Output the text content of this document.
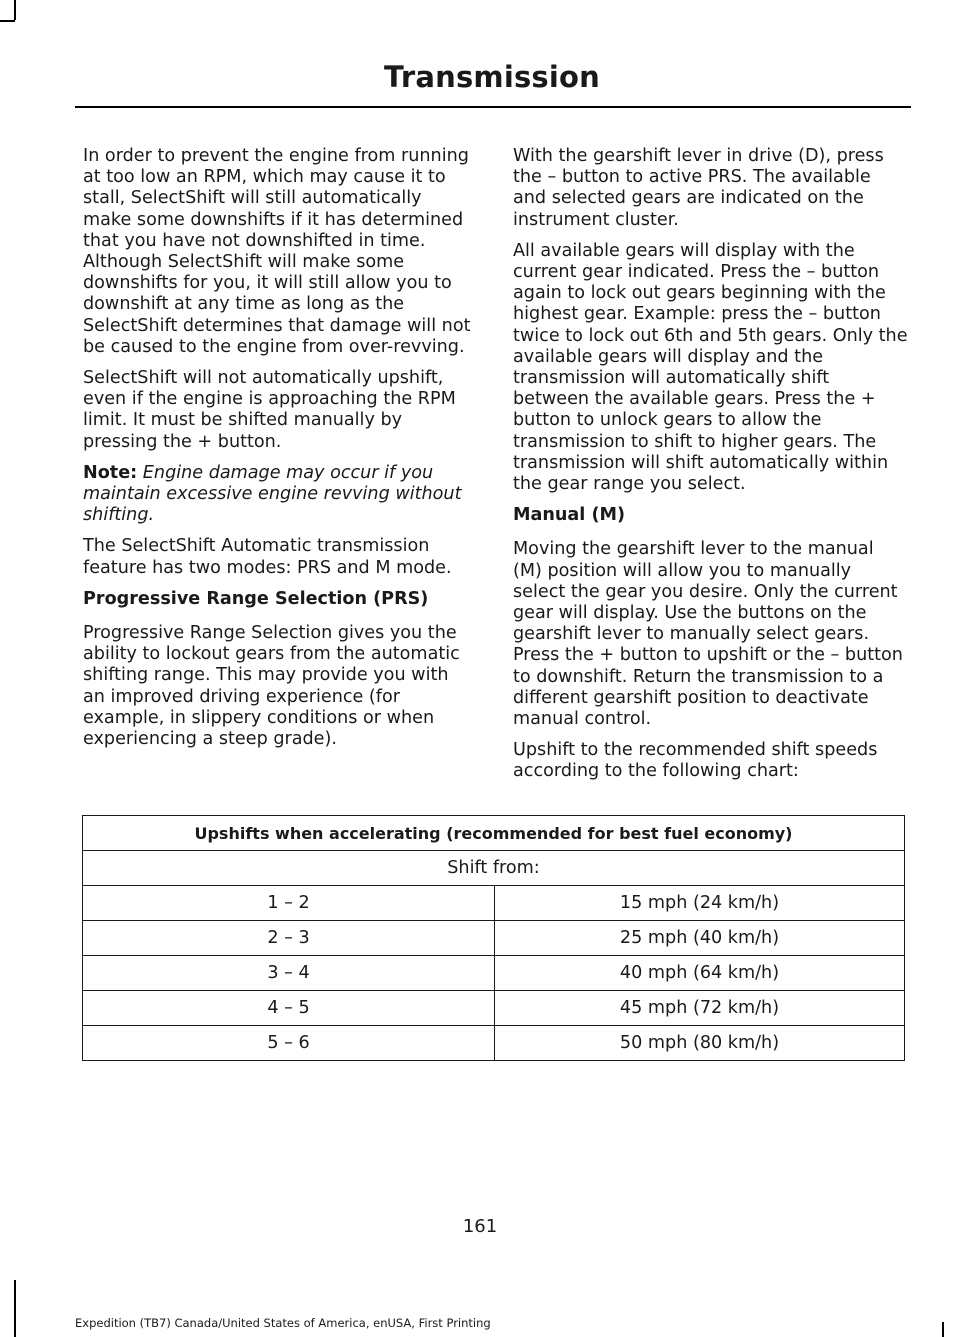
Transmission

In order to prevent the engine from running at too low an RPM, which may cause it to stall, SelectShift will still automatically make some downshifts if it has determined that you have not downshifted in time. Although SelectShift will make some downshifts for you, it will still allow you to downshift at any time as long as the SelectShift determines that damage will not be caused to the engine from over-revving.

SelectShift will not automatically upshift, even if the engine is approaching the RPM limit. It must be shifted manually by pressing the + button.

Note: Engine damage may occur if you maintain excessive engine revving without shifting.

The SelectShift Automatic transmission feature has two modes: PRS and M mode.

Progressive Range Selection (PRS)

Progressive Range Selection gives you the ability to lockout gears from the automatic shifting range. This may provide you with an improved driving experience (for example, in slippery conditions or when experiencing a steep grade).

With the gearshift lever in drive (D), press the – button to active PRS. The available and selected gears are indicated on the instrument cluster.

All available gears will display with the current gear indicated. Press the – button again to lock out gears beginning with the highest gear. Example: press the – button twice to lock out 6th and 5th gears. Only the available gears will display and the transmission will automatically shift between the available gears. Press the + button to unlock gears to allow the transmission to shift to higher gears. The transmission will shift automatically within the gear range you select.

Manual (M)

Moving the gearshift lever to the manual (M) position will allow you to manually select the gear you desire. Only the current gear will display. Use the buttons on the gearshift lever to manually select gears. Press the + button to upshift or the – button to downshift. Return the transmission to a different gearshift position to deactivate manual control.

Upshift to the recommended shift speeds according to the following chart:

Upshifts when accelerating (recommended for best fuel economy)	
Shift from:	
1 – 2	15 mph (24 km/h)
2 – 3	25 mph (40 km/h)
3 – 4	40 mph (64 km/h)
4 – 5	45 mph (72 km/h)
5 – 6	50 mph (80 km/h)
161
Expedition (TB7) Canada/United States of America, enUSA, First Printing
